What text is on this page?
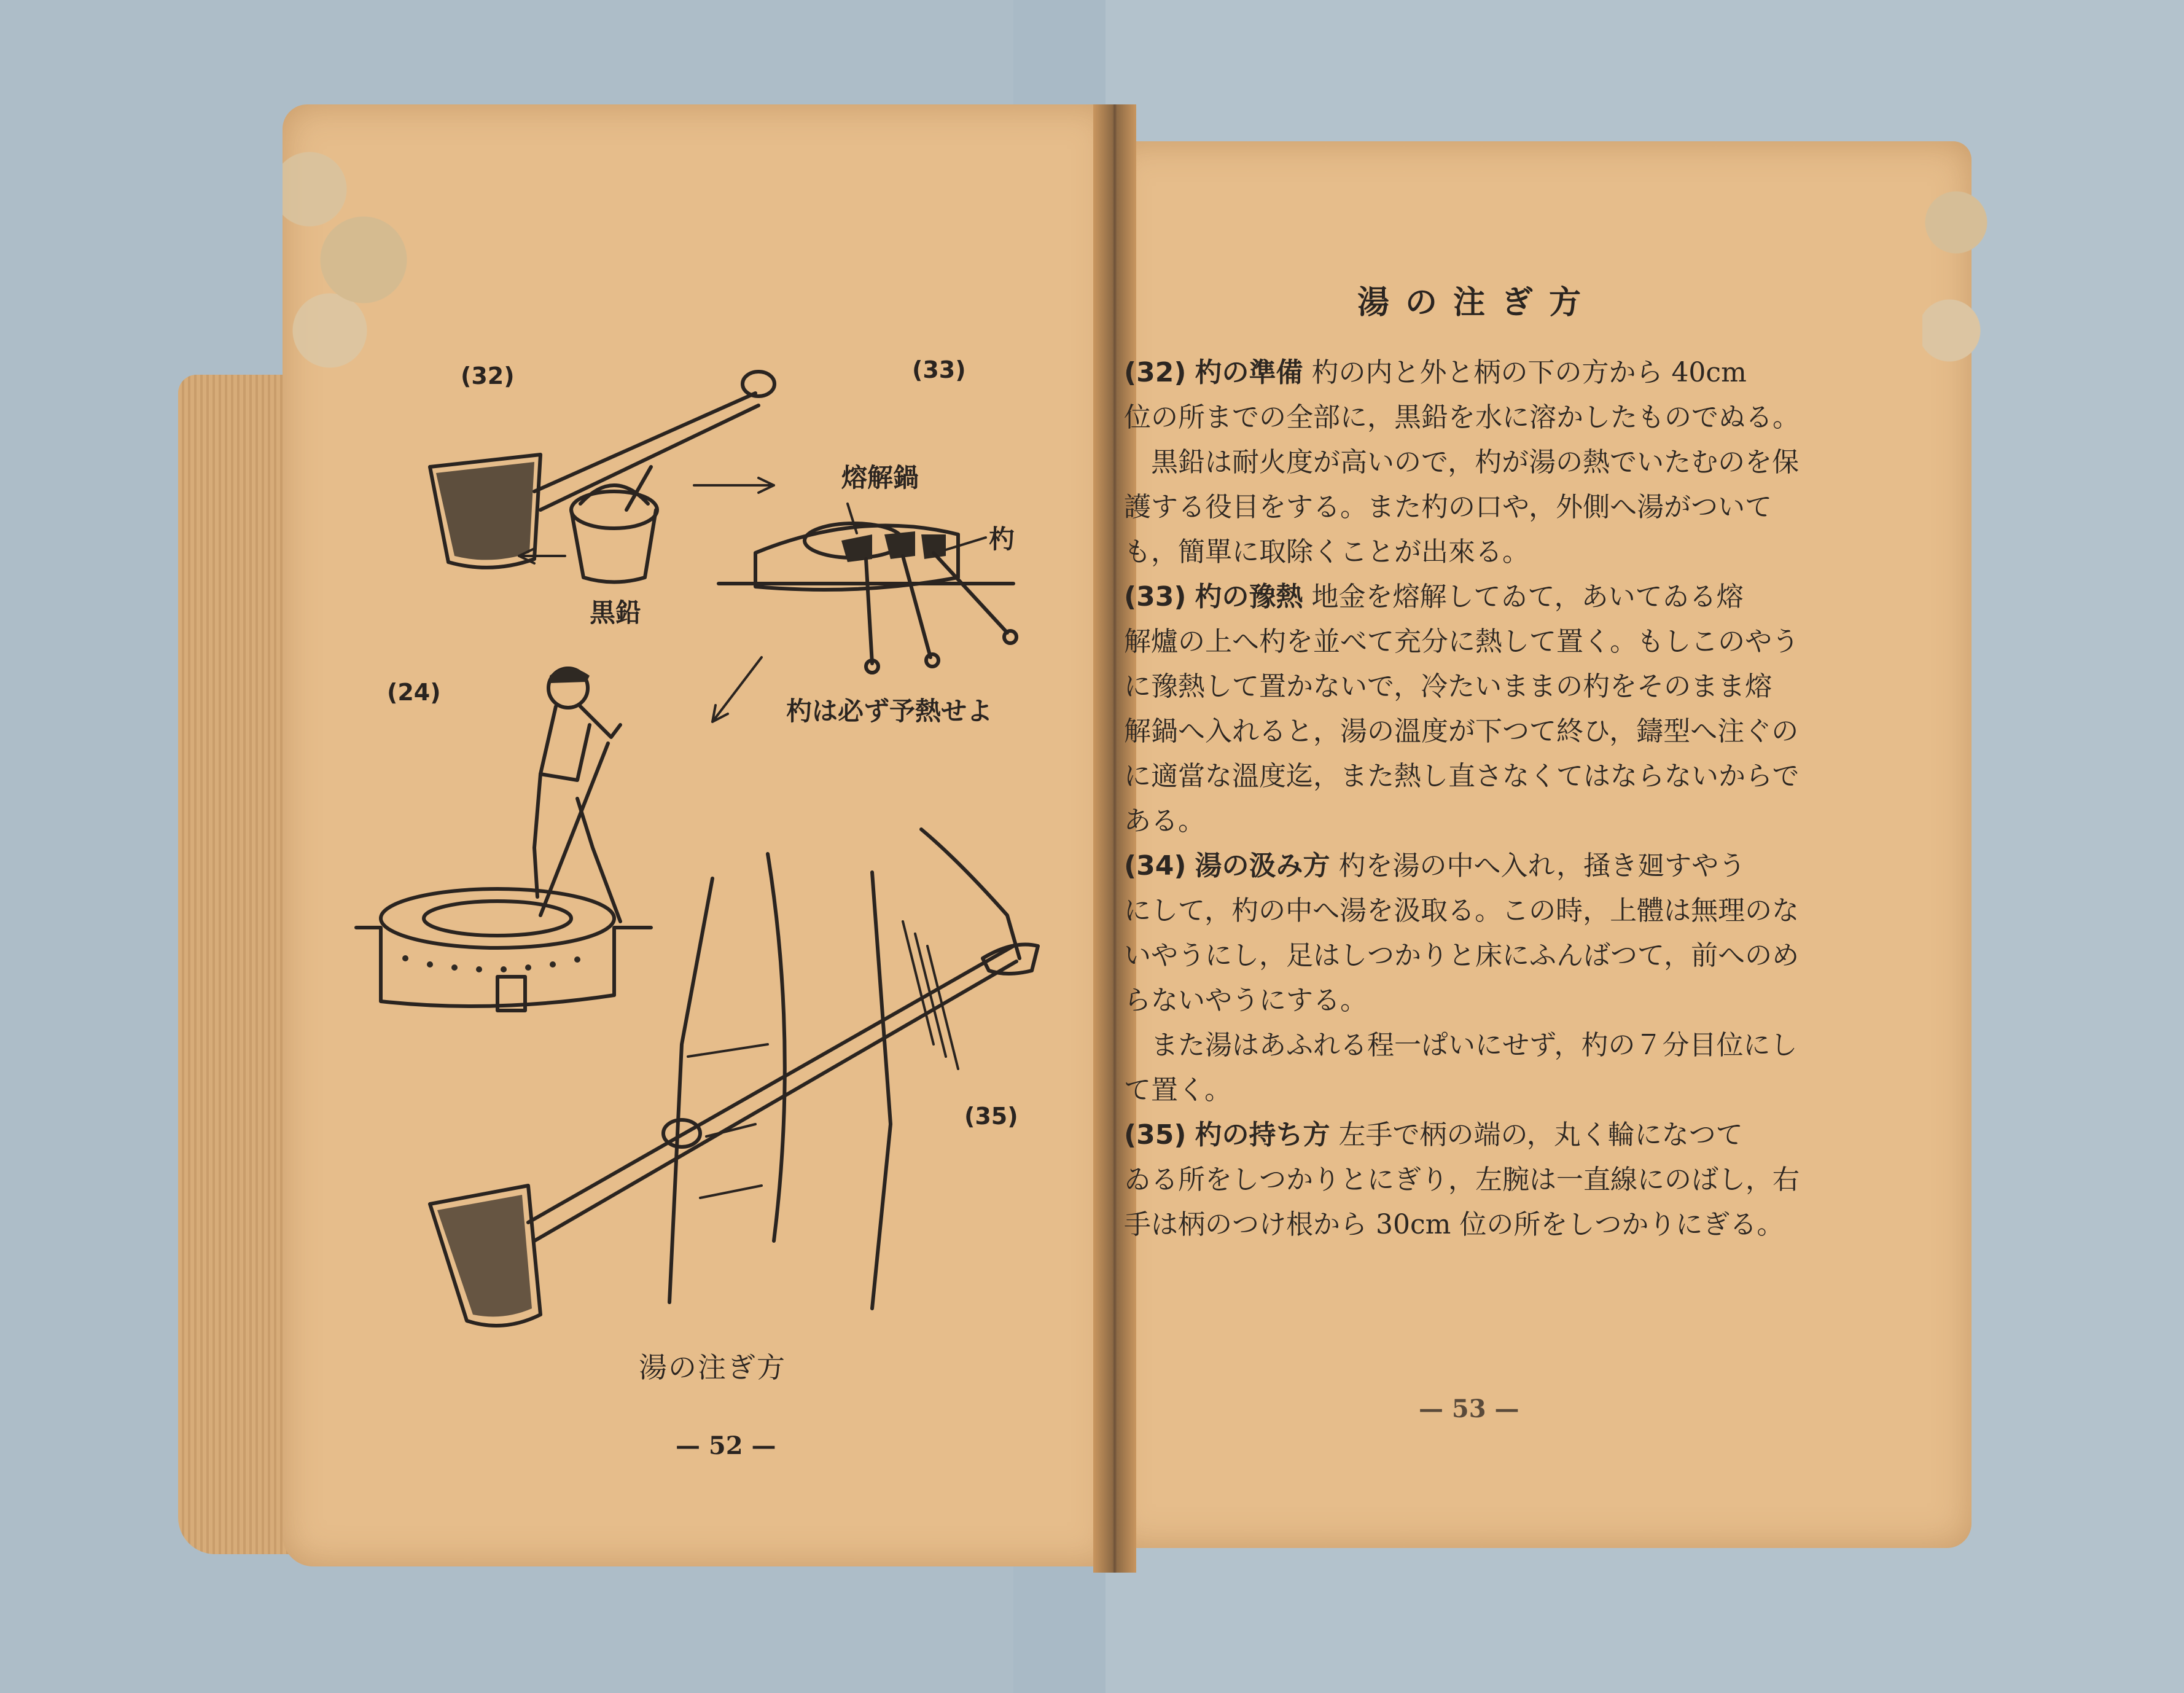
(32)	(33)
(24)
(35)
黒鉛
熔解鍋
杓
杓は必ず予熱せよ
湯の注ぎ方
— 52 —
湯の注ぎ方
(32) 杓の準備 杓の内と外と柄の下の方から 40cm
位の所までの全部に，黒鉛を水に溶かしたものでぬる。
黒鉛は耐火度が高いので，杓が湯の熱でいたむのを保
護する役目をする。また杓の口や，外側へ湯がついて
も，簡單に取除くことが出來る。
(33) 杓の豫熱 地金を熔解してゐて，あいてゐる熔
解爐の上へ杓を並べて充分に熱して置く。もしこのやう
に豫熱して置かないで，冷たいままの杓をそのまま熔
解鍋へ入れると，湯の溫度が下つて終ひ，鑄型へ注ぐの
に適當な溫度迄，また熱し直さなくてはならないからで
ある。
(34) 湯の汲み方 杓を湯の中へ入れ，掻き廻すやう
にして，杓の中へ湯を汲取る。この時，上體は無理のな
いやうにし，足はしつかりと床にふんばつて，前へのめ
らないやうにする。
また湯はあふれる程一ぱいにせず，杓の７分目位にし
て置く。
(35) 杓の持ち方 左手で柄の端の，丸く輪になつて
ゐる所をしつかりとにぎり，左腕は一直線にのばし，右
手は柄のつけ根から 30cm 位の所をしつかりにぎる。
— 53 —
